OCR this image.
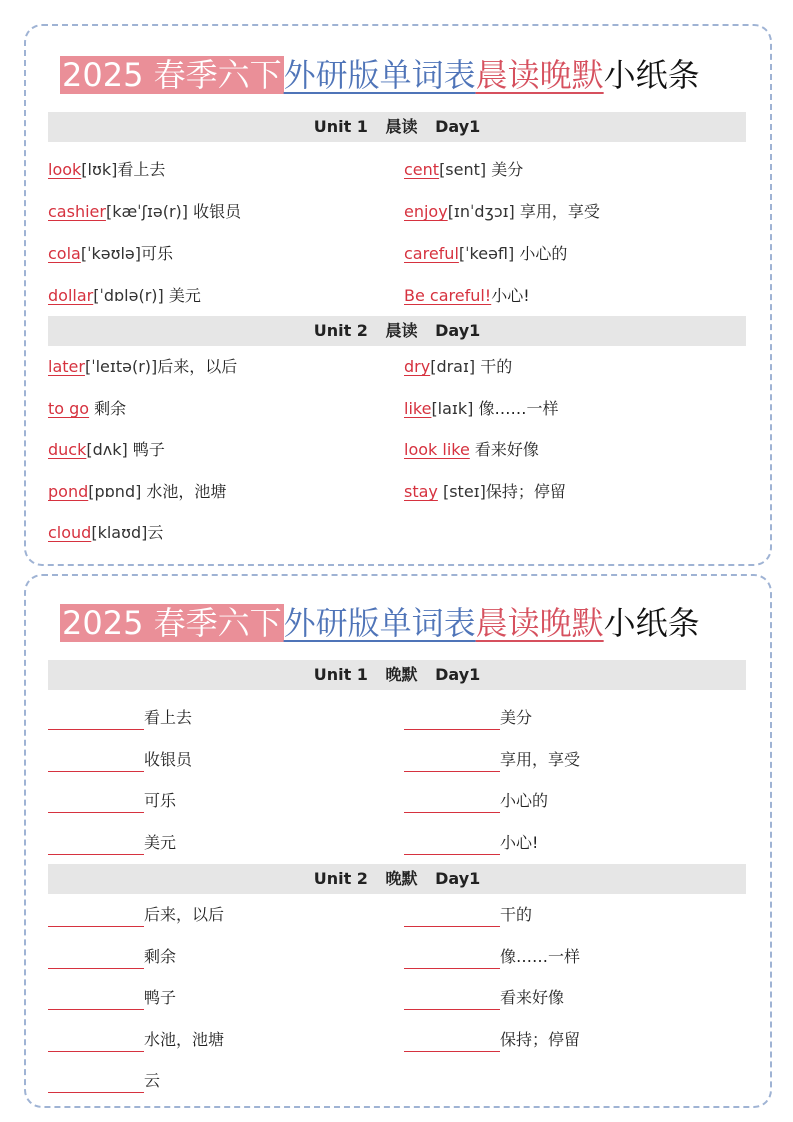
2025 春季六下外研版单词表晨读晚默小纸条
Unit 1 晨读 Day1
look[lʊk]看上去
cashier[kæˈʃɪə(r)] 收银员
cola[ˈkəʊlə]可乐
dollar[ˈdɒlə(r)] 美元
cent[sent] 美分
enjoy[ɪnˈdʒɔɪ] 享用，享受
careful[ˈkeəfl] 小心的
Be careful!小心!
Unit 2 晨读 Day1
later[ˈleɪtə(r)]后来，以后
to go 剩余
duck[dʌk] 鸭子
pond[pɒnd] 水池，池塘
cloud[klaʊd]云
dry[draɪ] 干的
like[laɪk] 像……一样
look like 看来好像
stay [steɪ]保持；停留
2025 春季六下外研版单词表晨读晚默小纸条
Unit 1 晚默 Day1
看上去
收银员
可乐
美元
美分
享用，享受
小心的
小心!
Unit 2 晚默 Day1
后来，以后
剩余
鸭子
水池，池塘
云
干的
像……一样
看来好像
保持；停留
